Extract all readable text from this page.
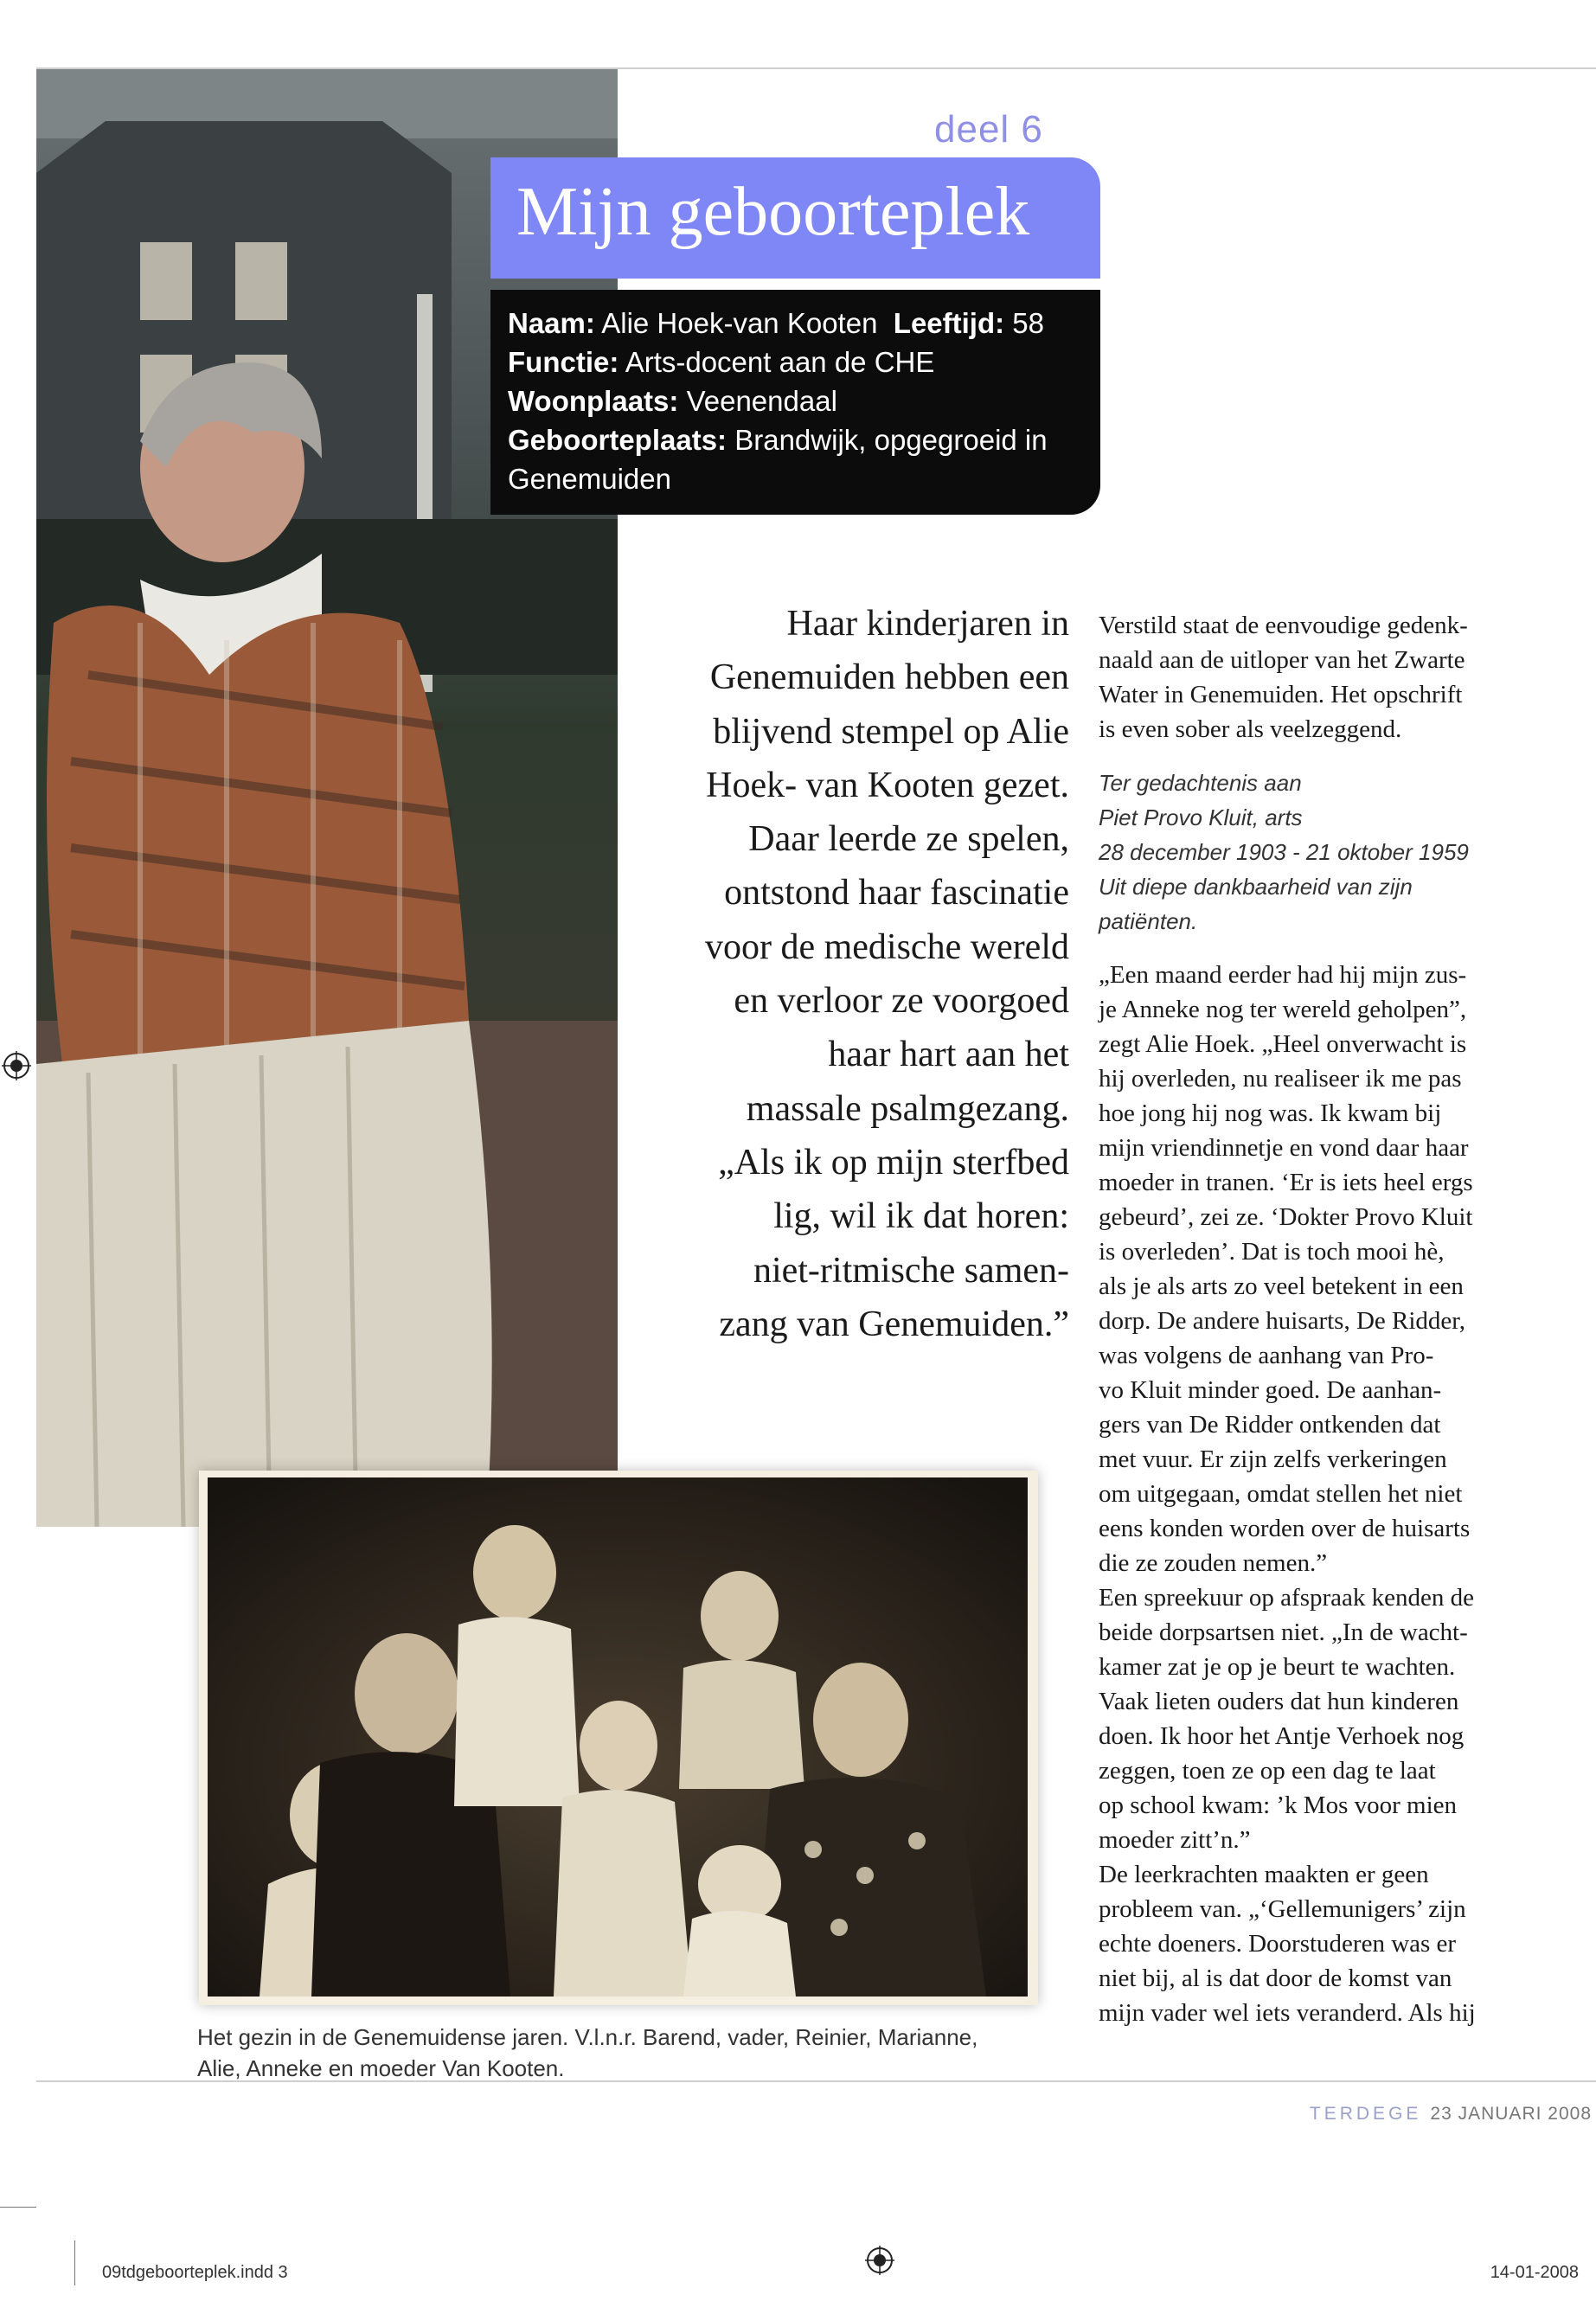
deel 6
Mijn geboorteplek
Naam: Alie Hoek-van Kooten Leeftijd: 58
Functie: Arts-docent aan de CHE
Woonplaats: Veenendaal
Geboorteplaats: Brandwijk, opgegroeid in
Genemuiden
Haar kinderjaren in
Genemuiden hebben een
blijvend stempel op Alie
Hoek- van Kooten gezet.
Daar leerde ze spelen,
ontstond haar fascinatie
voor de medische wereld
en verloor ze voorgoed
haar hart aan het
massale psalmgezang.
„Als ik op mijn sterfbed
lig, wil ik dat horen:
niet-ritmische samen-
zang van Genemuiden.”
Verstild staat de eenvoudige gedenk-
naald aan de uitloper van het Zwarte
Water in Genemuiden. Het opschrift
is even sober als veelzeggend.
Ter gedachtenis aan
Piet Provo Kluit, arts
28 december 1903 - 21 oktober 1959
Uit diepe dankbaarheid van zijn
patiënten.
„Een maand eerder had hij mijn zus-
je Anneke nog ter wereld geholpen”,
zegt Alie Hoek. „Heel onverwacht is
hij overleden, nu realiseer ik me pas
hoe jong hij nog was. Ik kwam bij
mijn vriendinnetje en vond daar haar
moeder in tranen. ‘Er is iets heel ergs
gebeurd’, zei ze. ‘Dokter Provo Kluit
is overleden’. Dat is toch mooi hè,
als je als arts zo veel betekent in een
dorp. De andere huisarts, De Ridder,
was volgens de aanhang van Pro-
vo Kluit minder goed. De aanhan-
gers van De Ridder ontkenden dat
met vuur. Er zijn zelfs verkeringen
om uitgegaan, omdat stellen het niet
eens konden worden over de huisarts
die ze zouden nemen.”
Een spreekuur op afspraak kenden de
beide dorpsartsen niet. „In de wacht-
kamer zat je op je beurt te wachten.
Vaak lieten ouders dat hun kinderen
doen. Ik hoor het Antje Verhoek nog
zeggen, toen ze op een dag te laat
op school kwam: ’k Mos voor mien
moeder zitt’n.”
De leerkrachten maakten er geen
probleem van. „‘Gellemunigers’ zijn
echte doeners. Doorstuderen was er
niet bij, al is dat door de komst van
mijn vader wel iets veranderd. Als hij
Het gezin in de Genemuidense jaren. V.l.n.r. Barend, vader, Reinier, Marianne,
Alie, Anneke en moeder Van Kooten.
TERDEGE 23 JANUARI 2008
09tdgeboorteplek.indd 3	14-01-2008
